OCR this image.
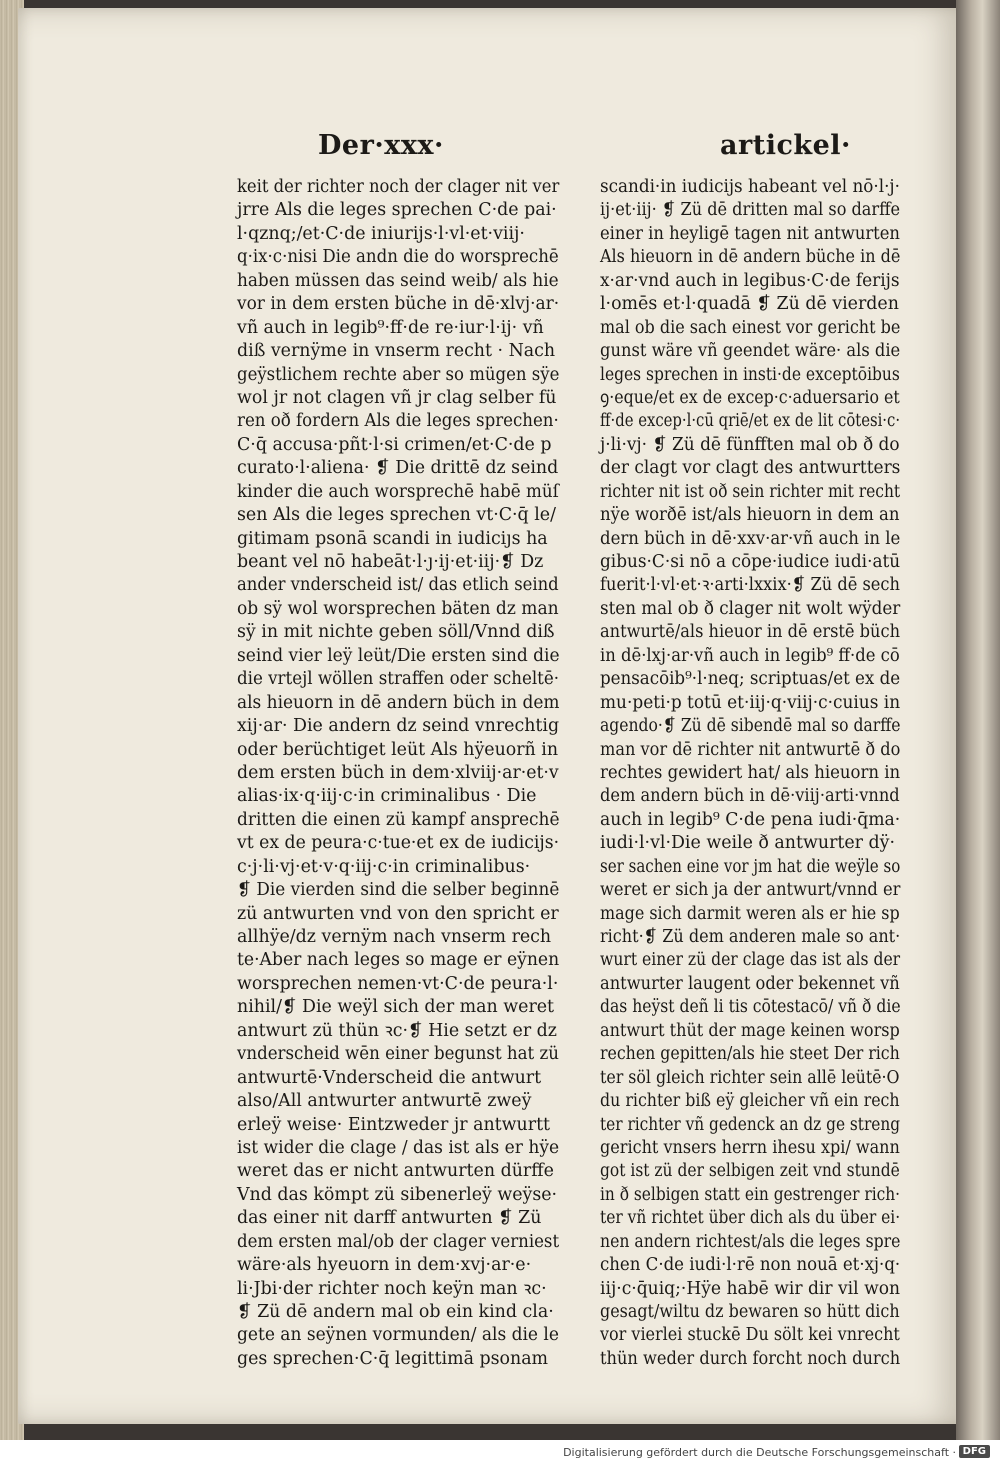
Der·xxx·	artickel·
keit der richter noch der clager nit ver
jrre Als die leges sprechen C·de pai·
l·qznq;/et·C·de iniurijs·l·vl·et·viij·
q·ix·c·nisi Die andn die do worsprechē
haben müssen das seind weib/ als hie
vor in dem ersten büche in dē·xlvj·ar·
vñ auch in legib⁹·ff·de re·iur·l·ij· vñ
diß vernÿme in vnserm recht · Nach
geÿstlichem rechte aber so mügen sÿe
wol jr not clagen vñ jr clag selber fü
ren oð fordern Als die leges sprechen·
C·q̄ accusa·pñt·l·si crimen/et·C·de p
curato·l·aliena· ❡ Die drittē dz seind
kinder die auch worsprechē habē müſ
sen Als die leges sprechen vt·C·q̄ le/
gitimam psonā scandi in iudiciȷs ha
beant vel nō habeāt·l·ȷ·ij·et·iij·❡ Dz
ander vnderscheid ist/ das etlich seind
ob sÿ wol worsprechen bäten dz man
sÿ in mit nichte geben söll/Vnnd diß
seind vier leÿ leüt/Die ersten sind die
die vrtejl wöllen straffen oder scheltē·
als hieuorn in dē andern büch in dem
xij·ar· Die andern dz seind vnrechtig
oder berüchtiget leüt Als hÿeuorñ in
dem ersten büch in dem·xlviij·ar·et·v
alias·ix·q·iij·c·in criminalibus · Die
dritten die einen zü kampf ansprechē
vt ex de peura·c·tue·et ex de iudicijs·
c·j·li·vj·et·v·q·iij·c·in criminalibus·
❡ Die vierden sind die selber beginnē
zü antwurten vnd von den spricht er
allhÿe/dz vernÿm nach vnserm rech
te·Aber nach leges so mage er eÿnen
worsprechen nemen·vt·C·de peura·l·
nihil/❡ Die weÿl sich der man weret
antwurt zü thün ꝛc·❡ Hie setzt er dz
vnderscheid wēn einer begunst hat zü
antwurtē·Vnderscheid die antwurt
also/All antwurter antwurtē zweÿ
erleÿ weise· Eintzweder jr antwurtt
ist wider die clage / das ist als er hÿe
weret das er nicht antwurten dürffe
Vnd das kömpt zü sibenerleÿ weÿse·
das einer nit darff antwurten ❡ Zü
dem ersten mal/ob der clager verniest
wäre·als hyeuorn in dem·xvj·ar·e·
li·Jbi·der richter noch keÿn man ꝛc·
❡ Zü dē andern mal ob ein kind cla·
gete an seÿnen vormunden/ als die le
ges sprechen·C·q̄ legittimā psonam
scandi·in iudicijs habeant vel nō·l·j·
ij·et·iij· ❡ Zü dē dritten mal so darffe
einer in heyligē tagen nit antwurten
Als hieuorn in dē andern büche in dē
x·ar·vnd auch in legibus·C·de ferijs
l·omēs et·l·quadā ❡ Zü dē vierden
mal ob die sach einest vor gericht be
gunst wäre vñ geendet wäre· als die
leges sprechen in insti·de exceptōibus
ꝯ·eque/et ex de excep·c·aduersario et
ff·de excep·l·cū qriē/et ex de lit cōtesi·c·
j·li·vj· ❡ Zü dē fünfften mal ob ð do
der clagt vor clagt des antwurtters
richter nit ist oð sein richter mit recht
nÿe worðē ist/als hieuorn in dem an
dern büch in dē·xxv·ar·vñ auch in le
gibus·C·si nō a cōpe·iudice iudi·atū
fuerit·l·vl·et·ꝛ·arti·lxxix·❡ Zü dē sech
sten mal ob ð clager nit wolt wÿder
antwurtē/als hieuor in dē erstē büch
in dē·lxj·ar·vñ auch in legib⁹ ff·de cō
pensacōib⁹·l·neq; scriptuas/et ex de
mu·peti·p totū et·iij·q·viij·c·cuius in
agendo·❡ Zü dē sibendē mal so darffe
man vor dē richter nit antwurtē ð do
rechtes gewidert hat/ als hieuorn in
dem andern büch in dē·viij·arti·vnnd
auch in legib⁹ C·de pena iudi·q̄ma·
iudi·l·vl·Die weile ð antwurter dÿ·
ser sachen eine vor jm hat die weÿle so
weret er sich ja der antwurt/vnnd er
mage sich darmit weren als er hie sp
richt·❡ Zü dem anderen male so ant·
wurt einer zü der clage das ist als der
antwurter laugent oder bekennet vñ
das heÿst deñ li tis cōtestacō/ vñ ð die
antwurt thüt der mage keinen worsp
rechen gepitten/als hie steet Der rich
ter söl gleich richter sein allē leütē·O
du richter biß eÿ gleicher vñ ein rech
ter richter vñ gedenck an dz ge streng
gericht vnsers herrn ihesu xpi/ wann
got ist zü der selbigen zeit vnd stundē
in ð selbigen statt ein gestrenger rich·
ter vñ richtet über dich als du über ei·
nen andern richtest/als die leges spre
chen C·de iudi·l·rē non nouā et·xj·q·
iij·c·q̄uiq;·Hÿe habē wir dir vil won
gesagt/wiltu dz bewaren so hütt dich
vor vierlei stuckē Du sölt kei vnrecht
thün weder durch forcht noch durch
Digitalisierung gefördert durch die Deutsche Forschungsgemeinschaft · DFG
